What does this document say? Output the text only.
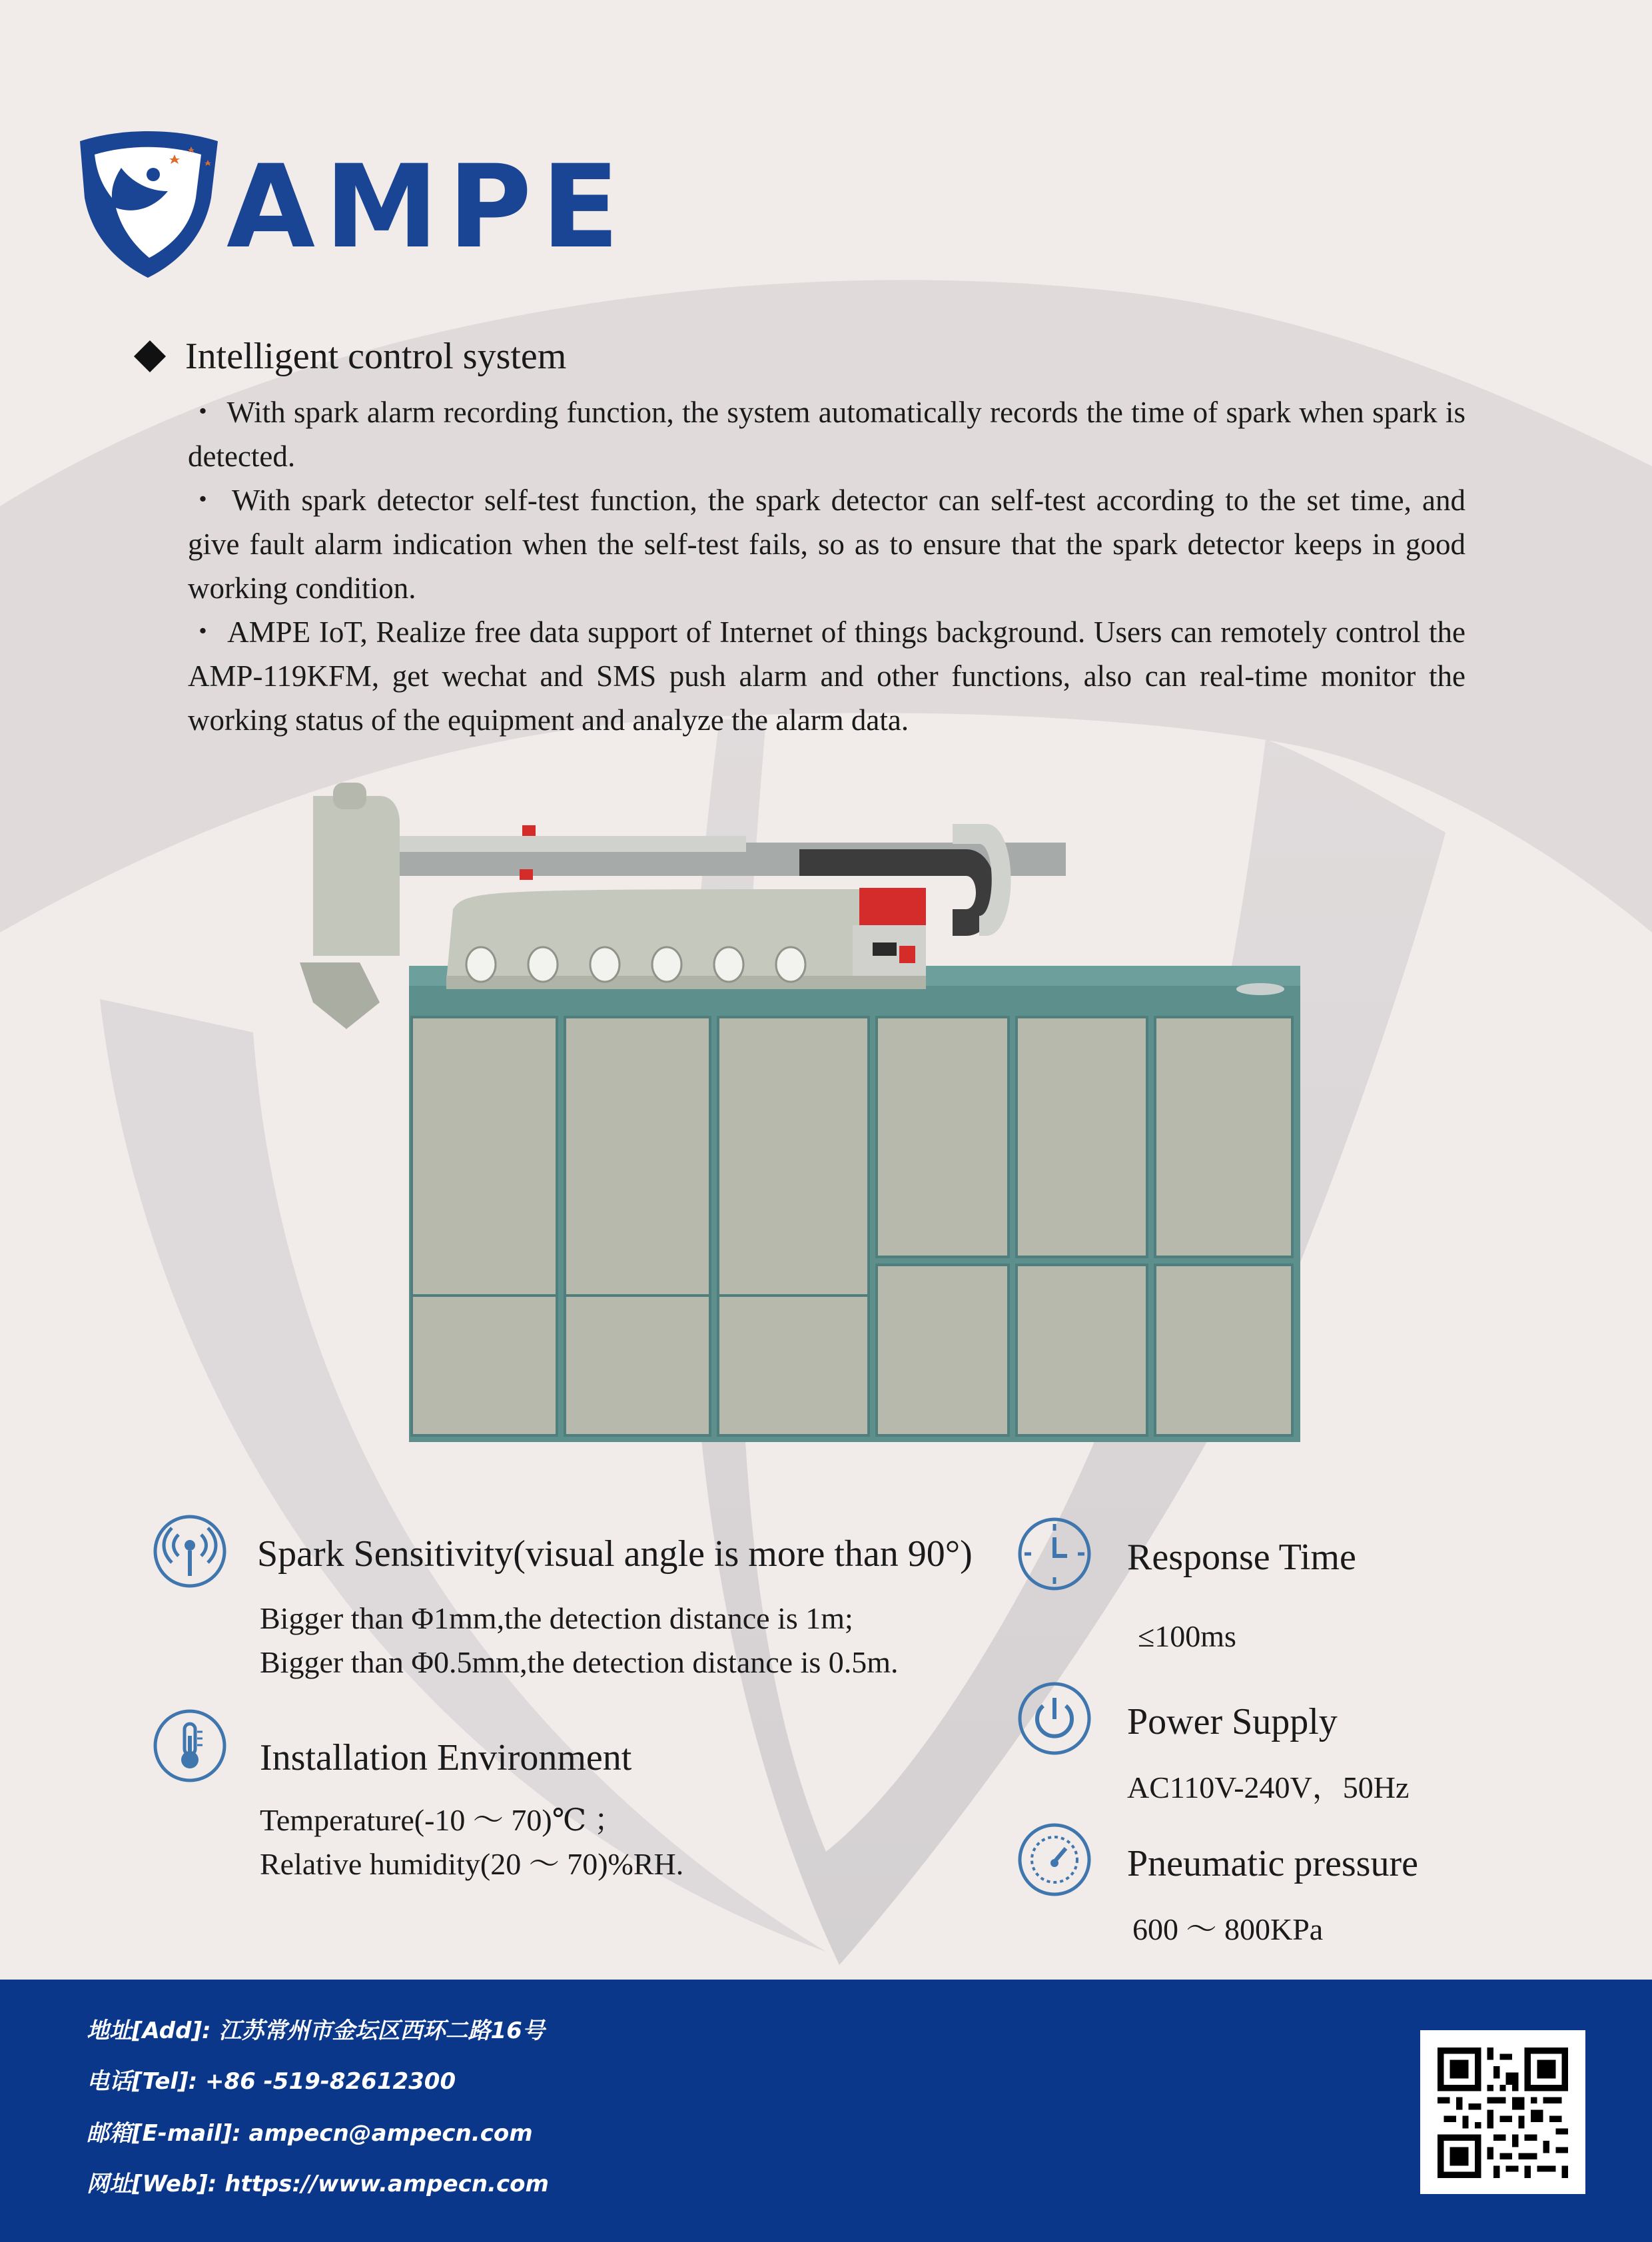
AMPE
Intelligent control system

・ With spark alarm recording function, the system automatically records the time of spark when spark is detected.

・ With spark detector self-test function, the spark detector can self-test according to the set time, and give fault alarm indication when the self-test fails, so as to ensure that the spark detector keeps in good working condition.

・ AMPE IoT, Realize free data support of Internet of things background. Users can remotely control the AMP-119KFM, get wechat and SMS push alarm and other functions, also can real-time monitor the working status of the equipment and analyze the alarm data.

Spark Sensitivity(visual angle is more than 90°)
Bigger than Φ1mm,the detection distance is 1m;
Bigger than Φ0.5mm,the detection distance is 0.5m.
Installation Environment
Temperature(-10 ～ 70)℃ ；
Relative humidity(20 ～ 70)%RH.
Response Time
≤100ms
Power Supply
AC110V-240V，50Hz
Pneumatic pressure
600 ～ 800KPa
地址[Add]: 江苏常州市金坛区西环二路16号
电话[Tel]: +86 -519-82612300
邮箱[E-mail]: ampecn@ampecn.com
网址[Web]: https://www.ampecn.com
